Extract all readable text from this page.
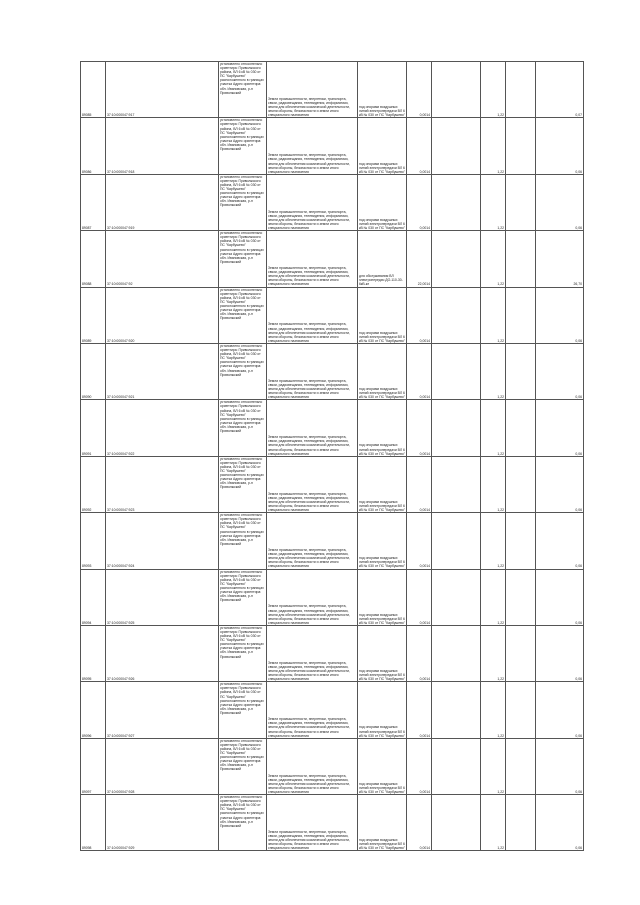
89085	37:10:000047:917	установлено относительно ориентира: Приволжского района, ВЛ 6 кВ № 030 от ПС "Карбушево" расположенного в границах участка Адрес ориентира: обл. Ивановская, р-н Приволжский	Земли промышленности, энергетики, транспорта, связи, радиовещания, телевидения, информатики, земли для обеспечения космической деятельности, земли обороны, безопасности и земли иного специального назначения	под опорами воздушных линий электропередачи ВЛ 6 кВ № 030 от ПС "Карбушево"	0,0014		1,22		0,07
89086	37:10:000047:918	установлено относительно ориентира: Приволжского района, ВЛ 6 кВ № 030 от ПС "Карбушево" расположенного в границах участка Адрес ориентира: обл. Ивановская, р-н Приволжский	Земли промышленности, энергетики, транспорта, связи, радиовещания, телевидения, информатики, земли для обеспечения космической деятельности, земли обороны, безопасности и земли иного специального назначения	под опорами воздушных линий электропередачи ВЛ 6 кВ № 030 от ПС "Карбушево"	0,0014		1,22		0,06
89087	37:10:000047:919	установлено относительно ориентира: Приволжского района, ВЛ 6 кВ № 030 от ПС "Карбушево" расположенного в границах участка Адрес ориентира: обл. Ивановская, р-н Приволжский	Земли промышленности, энергетики, транспорта, связи, радиовещания, телевидения, информатики, земли для обеспечения космической деятельности, земли обороны, безопасности и земли иного специального назначения	под опорами воздушных линий электропередачи ВЛ 6 кВ № 030 от ПС "Карбушево"	0,0014		1,22		0,06
89088	37:10:000047:92	установлено относительно ориентира: Приволжского района, ВЛ 6 кВ № 030 от ПС "Карбушево" расположенного в границах участка Адрес ориентира: обл. Ивановская, р-н Приволжский	Земли промышленности, энергетики, транспорта, связи, радиовещания, телевидения, информатики, земли для обеспечения космической деятельности, земли обороны, безопасности и земли иного специального назначения	для обслуживания ВЛ электропередач ДО-110-30-6кВ-кл	22,0014		1,22		26,70
89089	37:10:000047:920	установлено относительно ориентира: Приволжского района, ВЛ 6 кВ № 030 от ПС "Карбушево" расположенного в границах участка Адрес ориентира: обл. Ивановская, р-н Приволжский	Земли промышленности, энергетики, транспорта, связи, радиовещания, телевидения, информатики, земли для обеспечения космической деятельности, земли обороны, безопасности и земли иного специального назначения	под опорами воздушных линий электропередачи ВЛ 6 кВ № 030 от ПС "Карбушево"	0,0014		1,22		0,06
89090	37:10:000047:921	установлено относительно ориентира: Приволжского района, ВЛ 6 кВ № 030 от ПС "Карбушево" расположенного в границах участка Адрес ориентира: обл. Ивановская, р-н Приволжский	Земли промышленности, энергетики, транспорта, связи, радиовещания, телевидения, информатики, земли для обеспечения космической деятельности, земли обороны, безопасности и земли иного специального назначения	под опорами воздушных линий электропередачи ВЛ 6 кВ № 030 от ПС "Карбушево"	0,0014		1,22		0,06
89091	37:10:000047:922	установлено относительно ориентира: Приволжского района, ВЛ 6 кВ № 030 от ПС "Карбушево" расположенного в границах участка Адрес ориентира: обл. Ивановская, р-н Приволжский	Земли промышленности, энергетики, транспорта, связи, радиовещания, телевидения, информатики, земли для обеспечения космической деятельности, земли обороны, безопасности и земли иного специального назначения	под опорами воздушных линий электропередачи ВЛ 6 кВ № 030 от ПС "Карбушево"	0,0014		1,22		0,06
89092	37:10:000047:923	установлено относительно ориентира: Приволжского района, ВЛ 6 кВ № 030 от ПС "Карбушево" расположенного в границах участка Адрес ориентира: обл. Ивановская, р-н Приволжский	Земли промышленности, энергетики, транспорта, связи, радиовещания, телевидения, информатики, земли для обеспечения космической деятельности, земли обороны, безопасности и земли иного специального назначения	под опорами воздушных линий электропередачи ВЛ 6 кВ № 030 от ПС "Карбушево"	0,0014		1,22		0,06
89093	37:10:000047:924	установлено относительно ориентира: Приволжского района, ВЛ 6 кВ № 030 от ПС "Карбушево" расположенного в границах участка Адрес ориентира: обл. Ивановская, р-н Приволжский	Земли промышленности, энергетики, транспорта, связи, радиовещания, телевидения, информатики, земли для обеспечения космической деятельности, земли обороны, безопасности и земли иного специального назначения	под опорами воздушных линий электропередачи ВЛ 6 кВ № 030 от ПС "Карбушево"	0,0014		1,22		0,06
89094	37:10:000047:925	установлено относительно ориентира: Приволжского района, ВЛ 6 кВ № 030 от ПС "Карбушево" расположенного в границах участка Адрес ориентира: обл. Ивановская, р-н Приволжский	Земли промышленности, энергетики, транспорта, связи, радиовещания, телевидения, информатики, земли для обеспечения космической деятельности, земли обороны, безопасности и земли иного специального назначения	под опорами воздушных линий электропередачи ВЛ 6 кВ № 030 от ПС "Карбушево"	0,0014		1,22		0,06
89095	37:10:000047:926	установлено относительно ориентира: Приволжского района, ВЛ 6 кВ № 030 от ПС "Карбушево" расположенного в границах участка Адрес ориентира: обл. Ивановская, р-н Приволжский	Земли промышленности, энергетики, транспорта, связи, радиовещания, телевидения, информатики, земли для обеспечения космической деятельности, земли обороны, безопасности и земли иного специального назначения	под опорами воздушных линий электропередачи ВЛ 6 кВ № 030 от ПС "Карбушево"	0,0014		1,22		0,06
89096	37:10:000047:927	установлено относительно ориентира: Приволжского района, ВЛ 6 кВ № 030 от ПС "Карбушево" расположенного в границах участка Адрес ориентира: обл. Ивановская, р-н Приволжский	Земли промышленности, энергетики, транспорта, связи, радиовещания, телевидения, информатики, земли для обеспечения космической деятельности, земли обороны, безопасности и земли иного специального назначения	под опорами воздушных линий электропередачи ВЛ 6 кВ № 030 от ПС "Карбушево"	0,0014		1,22		0,06
89097	37:10:000047:928	установлено относительно ориентира: Приволжского района, ВЛ 6 кВ № 030 от ПС "Карбушево" расположенного в границах участка Адрес ориентира: обл. Ивановская, р-н Приволжский	Земли промышленности, энергетики, транспорта, связи, радиовещания, телевидения, информатики, земли для обеспечения космической деятельности, земли обороны, безопасности и земли иного специального назначения	под опорами воздушных линий электропередачи ВЛ 6 кВ № 030 от ПС "Карбушево"	0,0014		1,22		0,06
89098	37:10:000047:929	установлено относительно ориентира: Приволжского района, ВЛ 6 кВ № 030 от ПС "Карбушево" расположенного в границах участка Адрес ориентира: обл. Ивановская, р-н Приволжский	Земли промышленности, энергетики, транспорта, связи, радиовещания, телевидения, информатики, земли для обеспечения космической деятельности, земли обороны, безопасности и земли иного специального назначения	под опорами воздушных линий электропередачи ВЛ 6 кВ № 030 от ПС "Карбушево"	0,0014		1,22		0,06
